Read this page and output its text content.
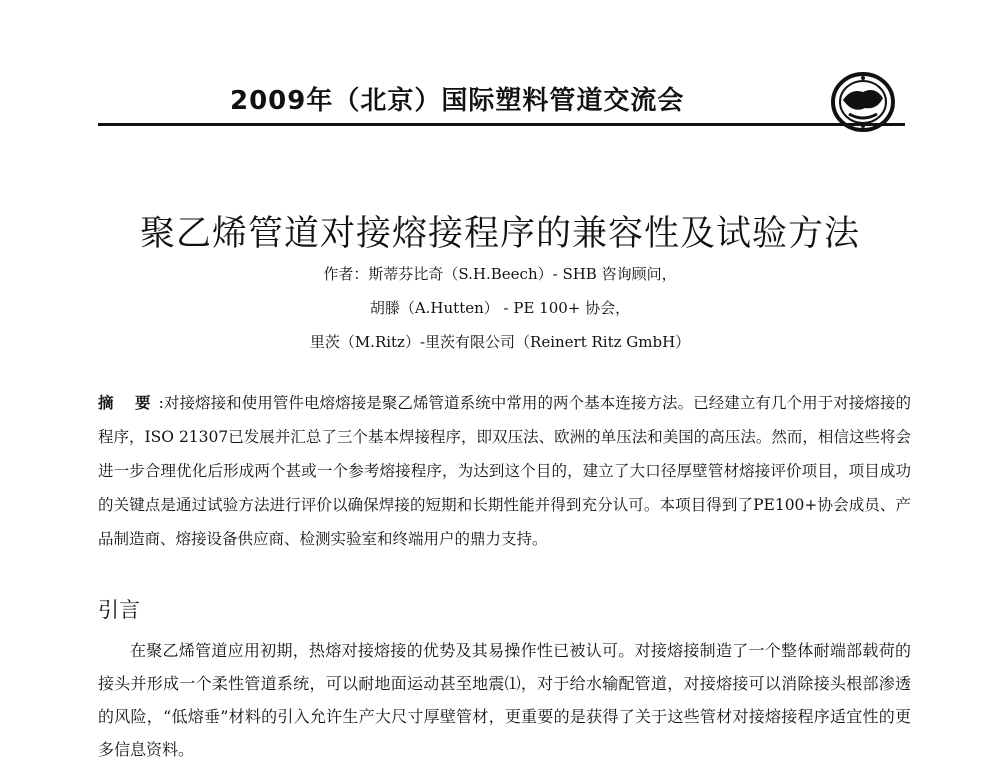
2009年（北京）国际塑料管道交流会
聚乙烯管道对接熔接程序的兼容性及试验方法
作者：斯蒂芬比奇（S.H.Beech）- SHB 咨询顾问，
胡滕（A.Hutten） - PE 100+ 协会，
里茨（M.Ritz）-里茨有限公司（Reinert Ritz GmbH）
摘 要:对接熔接和使用管件电熔熔接是聚乙烯管道系统中常用的两个基本连接方法。已经建立有几个用于对接熔接的程序，ISO 21307已发展并汇总了三个基本焊接程序，即双压法、欧洲的单压法和美国的高压法。然而，相信这些将会进一步合理优化后形成两个甚或一个参考熔接程序，为达到这个目的，建立了大口径厚壁管材熔接评价项目，项目成功的关键点是通过试验方法进行评价以确保焊接的短期和长期性能并得到充分认可。本项目得到了PE100+协会成员、产品制造商、熔接设备供应商、检测实验室和终端用户的鼎力支持。
引言
在聚乙烯管道应用初期，热熔对接熔接的优势及其易操作性已被认可。对接熔接制造了一个整体耐端部载荷的接头并形成一个柔性管道系统，可以耐地面运动甚至地震⑴，对于给水输配管道，对接熔接可以消除接头根部渗透的风险，“低熔垂”材料的引入允许生产大尺寸厚壁管材，更重要的是获得了关于这些管材对接熔接程序适宜性的更多信息资料。
